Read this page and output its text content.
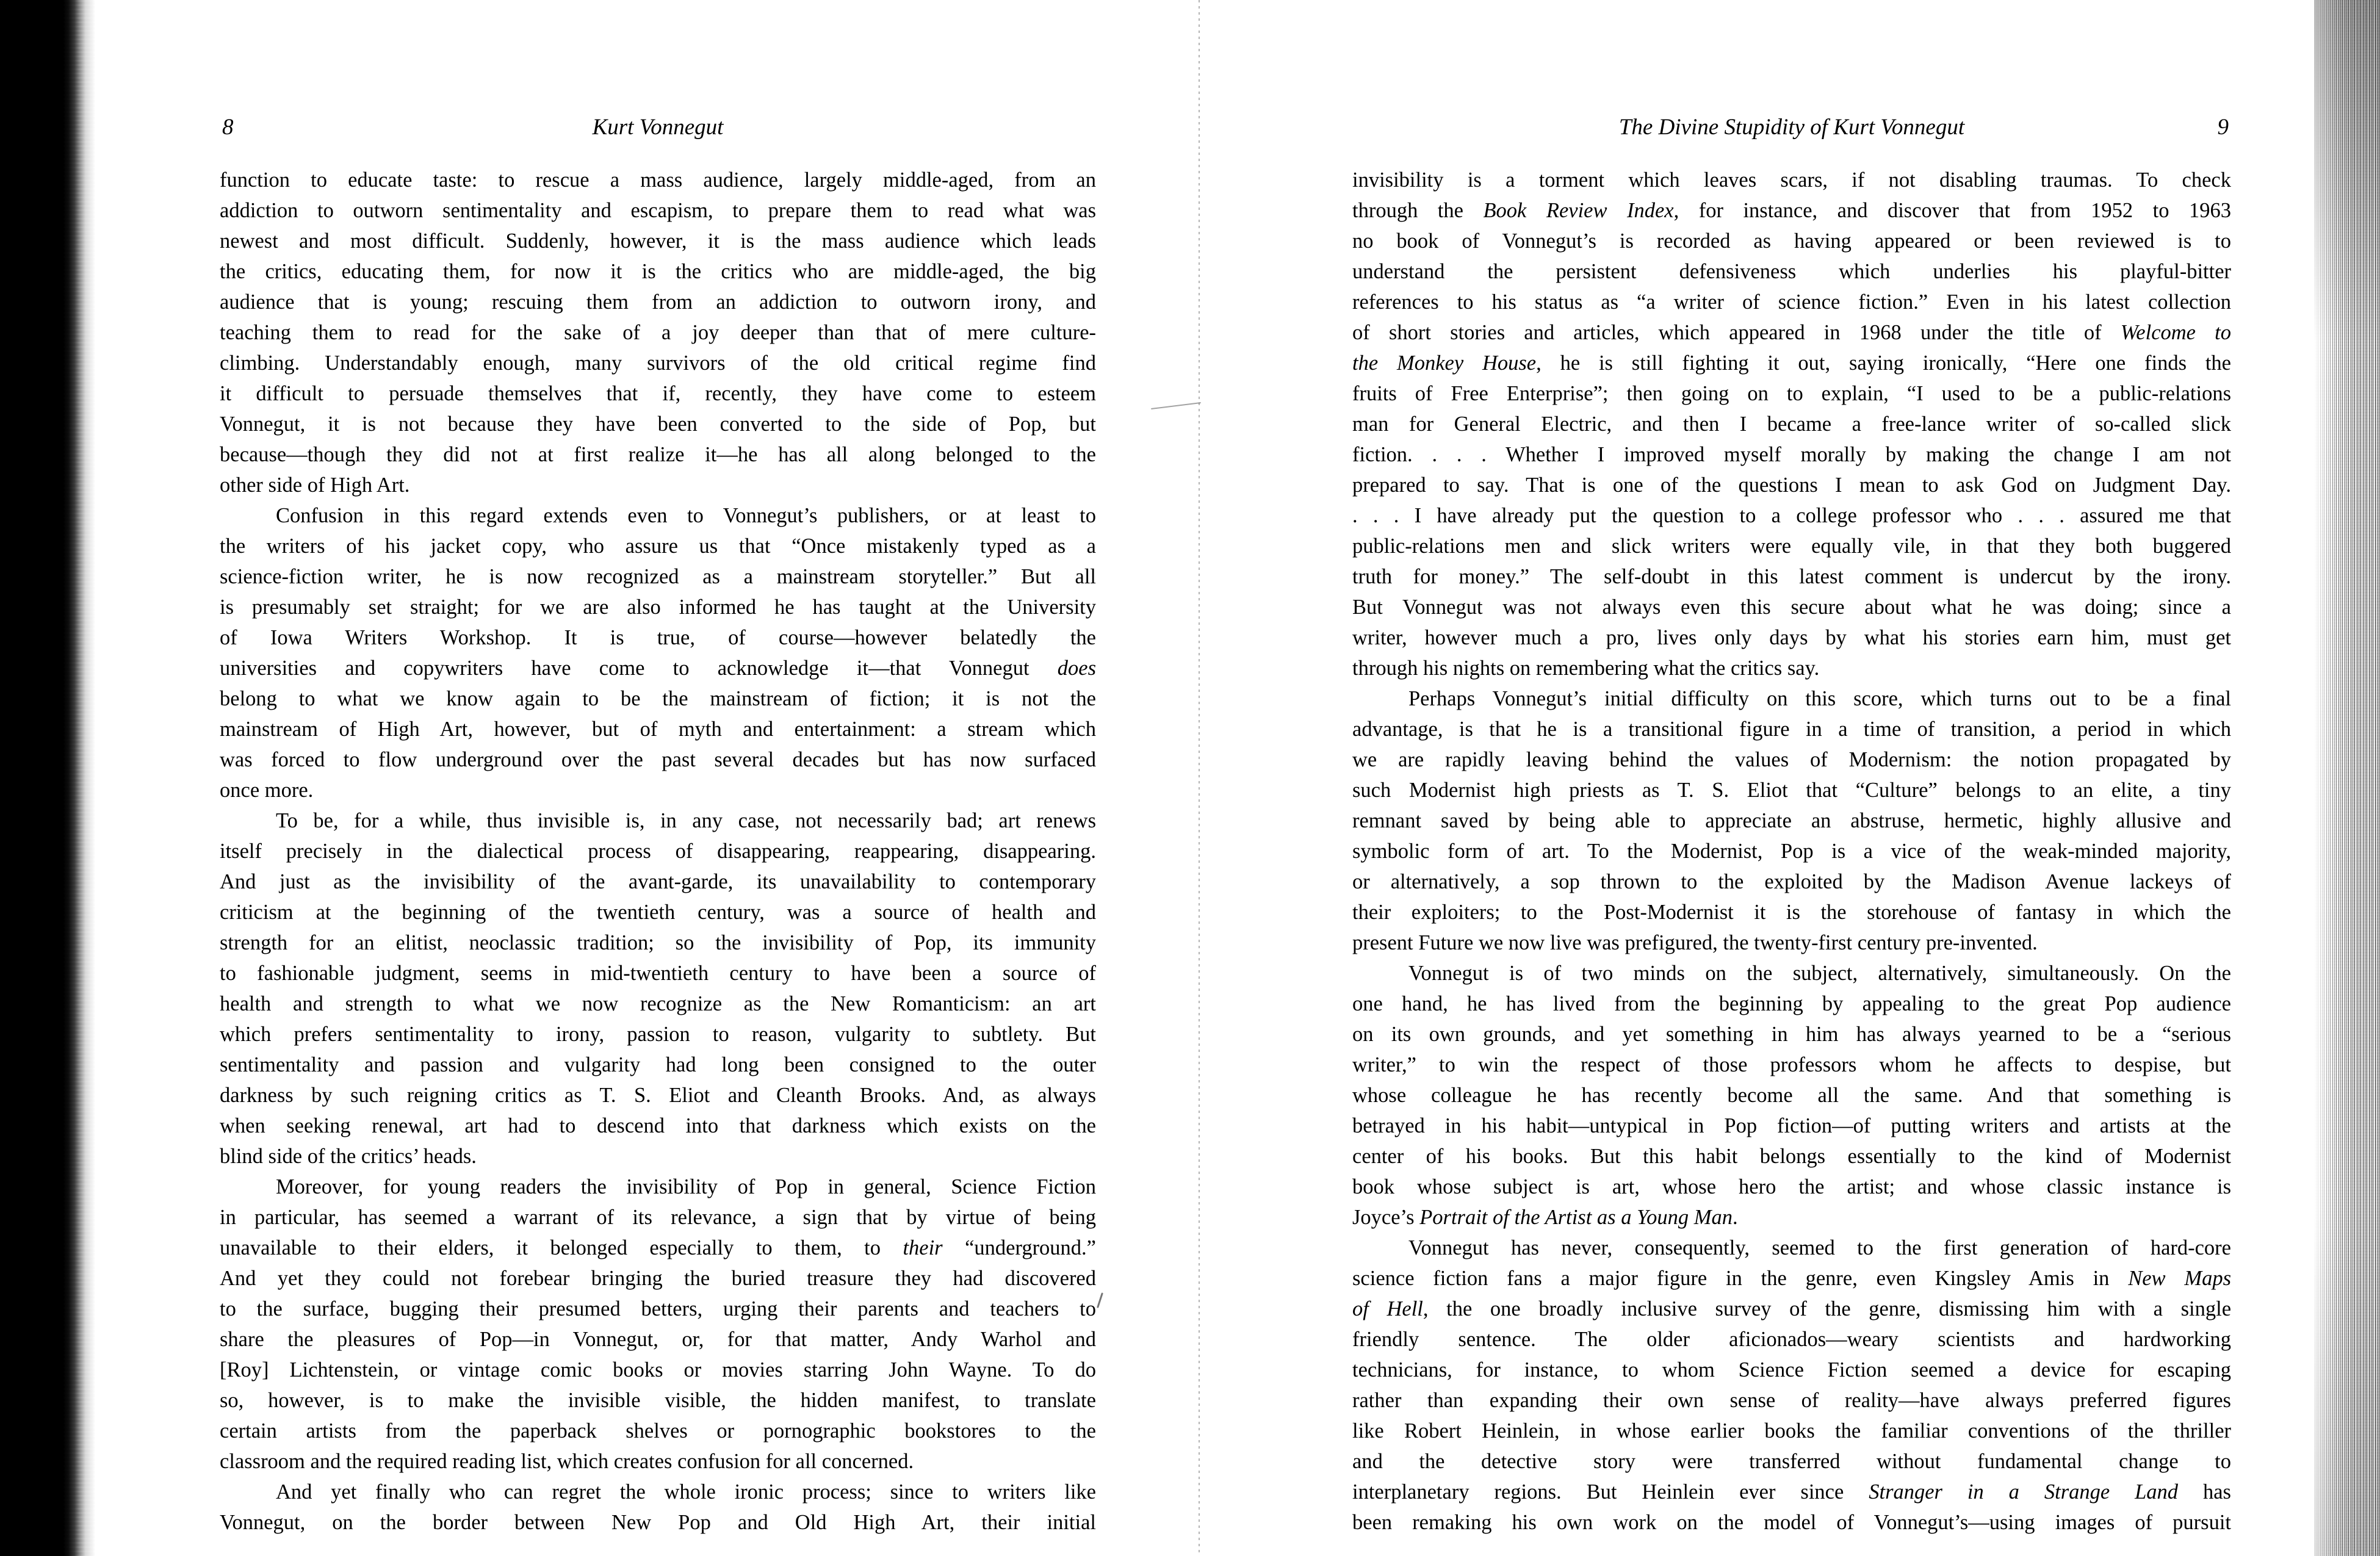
8	Kurt Vonnegut
function to educate taste: to rescue a mass audience, largely middle-aged, from an
addiction to outworn sentimentality and escapism, to prepare them to read what was
newest and most difficult. Suddenly, however, it is the mass audience which leads
the critics, educating them, for now it is the critics who are middle-aged, the big
audience that is young; rescuing them from an addiction to outworn irony, and
teaching them to read for the sake of a joy deeper than that of mere culture-
climbing. Understandably enough, many survivors of the old critical regime find
it difficult to persuade themselves that if, recently, they have come to esteem
Vonnegut, it is not because they have been converted to the side of Pop, but
because—though they did not at first realize it—he has all along belonged to the
other side of High Art.
Confusion in this regard extends even to Vonnegut’s publishers, or at least to
the writers of his jacket copy, who assure us that “Once mistakenly typed as a
science-fiction writer, he is now recognized as a mainstream storyteller.” But all
is presumably set straight; for we are also informed he has taught at the University
of Iowa Writers Workshop. It is true, of course—however belatedly the
universities and copywriters have come to acknowledge it—that Vonnegut does
belong to what we know again to be the mainstream of fiction; it is not the
mainstream of High Art, however, but of myth and entertainment: a stream which
was forced to flow underground over the past several decades but has now surfaced
once more.
To be, for a while, thus invisible is, in any case, not necessarily bad; art renews
itself precisely in the dialectical process of disappearing, reappearing, disappearing.
And just as the invisibility of the avant-garde, its unavailability to contemporary
criticism at the beginning of the twentieth century, was a source of health and
strength for an elitist, neoclassic tradition; so the invisibility of Pop, its immunity
to fashionable judgment, seems in mid-twentieth century to have been a source of
health and strength to what we now recognize as the New Romanticism: an art
which prefers sentimentality to irony, passion to reason, vulgarity to subtlety. But
sentimentality and passion and vulgarity had long been consigned to the outer
darkness by such reigning critics as T. S. Eliot and Cleanth Brooks. And, as always
when seeking renewal, art had to descend into that darkness which exists on the
blind side of the critics’ heads.
Moreover, for young readers the invisibility of Pop in general, Science Fiction
in particular, has seemed a warrant of its relevance, a sign that by virtue of being
unavailable to their elders, it belonged especially to them, to their “underground.”
And yet they could not forebear bringing the buried treasure they had discovered
to the surface, bugging their presumed betters, urging their parents and teachers to
share the pleasures of Pop—in Vonnegut, or, for that matter, Andy Warhol and
[Roy] Lichtenstein, or vintage comic books or movies starring John Wayne. To do
so, however, is to make the invisible visible, the hidden manifest, to translate
certain artists from the paperback shelves or pornographic bookstores to the
classroom and the required reading list, which creates confusion for all concerned.
And yet finally who can regret the whole ironic process; since to writers like
Vonnegut, on the border between New Pop and Old High Art, their initial
The Divine Stupidity of Kurt Vonnegut	9
invisibility is a torment which leaves scars, if not disabling traumas. To check
through the Book Review Index, for instance, and discover that from 1952 to 1963
no book of Vonnegut’s is recorded as having appeared or been reviewed is to
understand the persistent defensiveness which underlies his playful-bitter
references to his status as “a writer of science fiction.” Even in his latest collection
of short stories and articles, which appeared in 1968 under the title of Welcome to
the Monkey House, he is still fighting it out, saying ironically, “Here one finds the
fruits of Free Enterprise”; then going on to explain, “I used to be a public-relations
man for General Electric, and then I became a free-lance writer of so-called slick
fiction. . . . Whether I improved myself morally by making the change I am not
prepared to say. That is one of the questions I mean to ask God on Judgment Day.
. . . I have already put the question to a college professor who . . . assured me that
public-relations men and slick writers were equally vile, in that they both buggered
truth for money.” The self-doubt in this latest comment is undercut by the irony.
But Vonnegut was not always even this secure about what he was doing; since a
writer, however much a pro, lives only days by what his stories earn him, must get
through his nights on remembering what the critics say.
Perhaps Vonnegut’s initial difficulty on this score, which turns out to be a final
advantage, is that he is a transitional figure in a time of transition, a period in which
we are rapidly leaving behind the values of Modernism: the notion propagated by
such Modernist high priests as T. S. Eliot that “Culture” belongs to an elite, a tiny
remnant saved by being able to appreciate an abstruse, hermetic, highly allusive and
symbolic form of art. To the Modernist, Pop is a vice of the weak-minded majority,
or alternatively, a sop thrown to the exploited by the Madison Avenue lackeys of
their exploiters; to the Post-Modernist it is the storehouse of fantasy in which the
present Future we now live was prefigured, the twenty-first century pre-invented.
Vonnegut is of two minds on the subject, alternatively, simultaneously. On the
one hand, he has lived from the beginning by appealing to the great Pop audience
on its own grounds, and yet something in him has always yearned to be a “serious
writer,” to win the respect of those professors whom he affects to despise, but
whose colleague he has recently become all the same. And that something is
betrayed in his habit—untypical in Pop fiction—of putting writers and artists at the
center of his books. But this habit belongs essentially to the kind of Modernist
book whose subject is art, whose hero the artist; and whose classic instance is
Joyce’s Portrait of the Artist as a Young Man.
Vonnegut has never, consequently, seemed to the first generation of hard-core
science fiction fans a major figure in the genre, even Kingsley Amis in New Maps
of Hell, the one broadly inclusive survey of the genre, dismissing him with a single
friendly sentence. The older aficionados—weary scientists and hardworking
technicians, for instance, to whom Science Fiction seemed a device for escaping
rather than expanding their own sense of reality—have always preferred figures
like Robert Heinlein, in whose earlier books the familiar conventions of the thriller
and the detective story were transferred without fundamental change to
interplanetary regions. But Heinlein ever since Stranger in a Strange Land has
been remaking his own work on the model of Vonnegut’s—using images of pursuit
